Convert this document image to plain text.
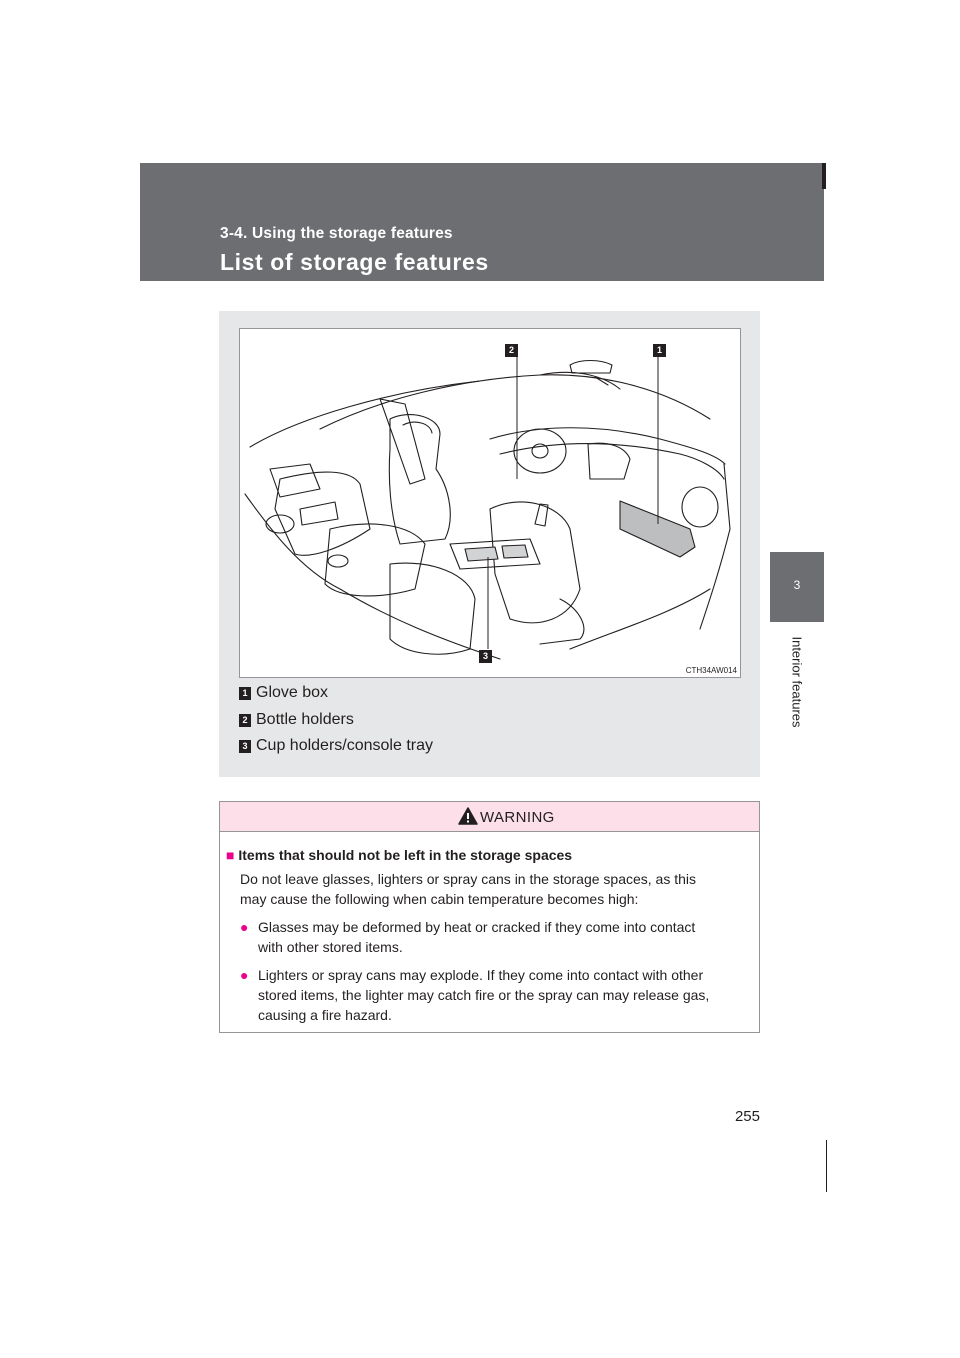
3-4. Using the storage features
List of storage features
3
Interior features
1
2
3
CTH34AW014
1 Glove box
2 Bottle holders
3 Cup holders/console tray
WARNING
■ Items that should not be left in the storage spaces
Do not leave glasses, lighters or spray cans in the storage spaces, as this
may cause the following when cabin temperature becomes high:
● Glasses may be deformed by heat or cracked if they come into contact
with other stored items.
● Lighters or spray cans may explode. If they come into contact with other
stored items, the lighter may catch fire or the spray can may release gas,
causing a fire hazard.
255
